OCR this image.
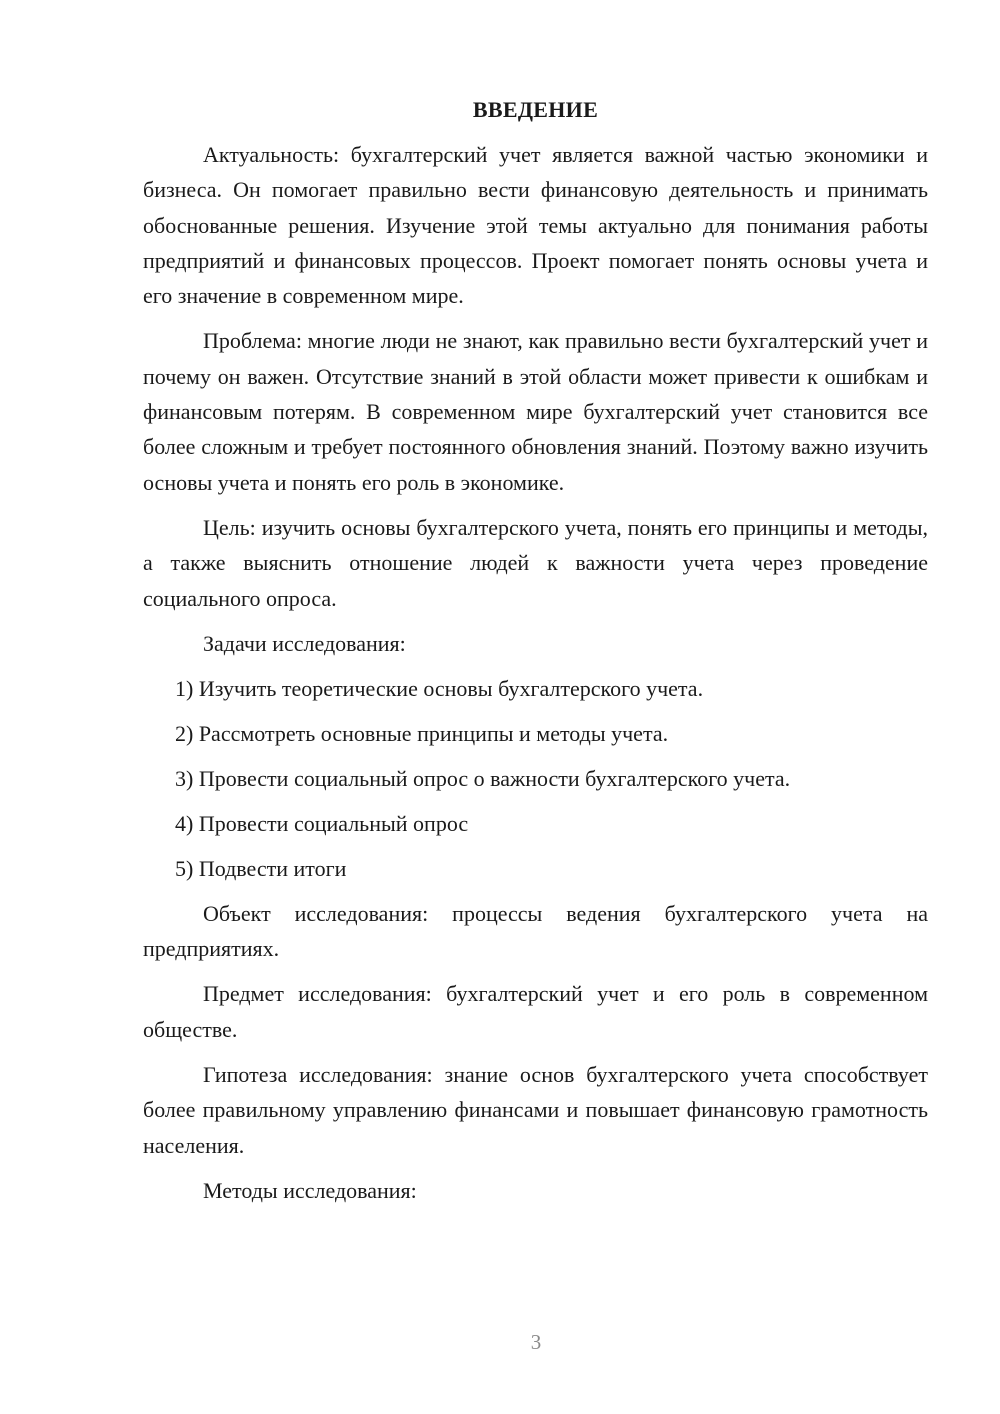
ВВЕДЕНИЕ

Актуальность: бухгалтерский учет является важной частью экономики и бизнеса. Он помогает правильно вести финансовую деятельность и принимать обоснованные решения. Изучение этой темы актуально для понимания работы предприятий и финансовых процессов. Проект помогает понять основы учета и его значение в современном мире.

Проблема: многие люди не знают, как правильно вести бухгалтерский учет и почему он важен. Отсутствие знаний в этой области может привести к ошибкам и финансовым потерям. В современном мире бухгалтерский учет становится все более сложным и требует постоянного обновления знаний. Поэтому важно изучить основы учета и понять его роль в экономике.

Цель: изучить основы бухгалтерского учета, понять его принципы и методы, а также выяснить отношение людей к важности учета через проведение социального опроса.

Задачи исследования:

1) Изучить теоретические основы бухгалтерского учета.
2) Рассмотреть основные принципы и методы учета.
3) Провести социальный опрос о важности бухгалтерского учета.
4) Провести социальный опрос
5) Подвести итоги

Объект исследования: процессы ведения бухгалтерского учета на предприятиях.

Предмет исследования: бухгалтерский учет и его роль в современном обществе.

Гипотеза исследования: знание основ бухгалтерского учета способствует более правильному управлению финансами и повышает финансовую грамотность населения.

Методы исследования:

3
